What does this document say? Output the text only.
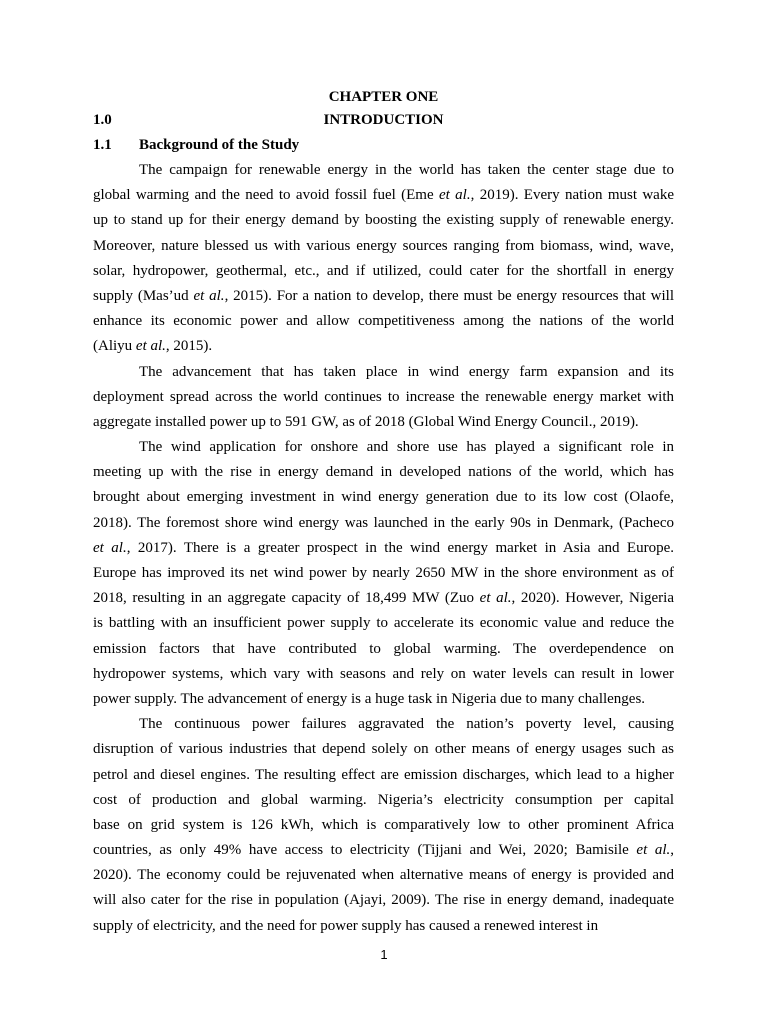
CHAPTER ONE
1.0	INTRODUCTION
1.1 Background of the Study
The campaign for renewable energy in the world has taken the center stage due to
global warming and the need to avoid fossil fuel (Eme et al., 2019). Every nation must wake
up to stand up for their energy demand by boosting the existing supply of renewable energy.
Moreover, nature blessed us with various energy sources ranging from biomass, wind, wave,
solar, hydropower, geothermal, etc., and if utilized, could cater for the shortfall in energy
supply (Mas’ud et al., 2015). For a nation to develop, there must be energy resources that will
enhance its economic power and allow competitiveness among the nations of the world
(Aliyu et al., 2015).
The advancement that has taken place in wind energy farm expansion and its
deployment spread across the world continues to increase the renewable energy market with
aggregate installed power up to 591 GW, as of 2018 (Global Wind Energy Council., 2019).
The wind application for onshore and shore use has played a significant role in
meeting up with the rise in energy demand in developed nations of the world, which has
brought about emerging investment in wind energy generation due to its low cost (Olaofe,
2018). The foremost shore wind energy was launched in the early 90s in Denmark, (Pacheco
et al., 2017). There is a greater prospect in the wind energy market in Asia and Europe.
Europe has improved its net wind power by nearly 2650 MW in the shore environment as of
2018, resulting in an aggregate capacity of 18,499 MW (Zuo et al., 2020). However, Nigeria
is battling with an insufficient power supply to accelerate its economic value and reduce the
emission factors that have contributed to global warming. The overdependence on
hydropower systems, which vary with seasons and rely on water levels can result in lower
power supply. The advancement of energy is a huge task in Nigeria due to many challenges.
The continuous power failures aggravated the nation’s poverty level, causing
disruption of various industries that depend solely on other means of energy usages such as
petrol and diesel engines. The resulting effect are emission discharges, which lead to a higher
cost of production and global warming. Nigeria’s electricity consumption per capital
base on grid system is 126 kWh, which is comparatively low to other prominent Africa
countries, as only 49% have access to electricity (Tijjani and Wei, 2020; Bamisile et al.,
2020). The economy could be rejuvenated when alternative means of energy is provided and
will also cater for the rise in population (Ajayi, 2009). The rise in energy demand, inadequate
supply of electricity, and the need for power supply has caused a renewed interest in
1
